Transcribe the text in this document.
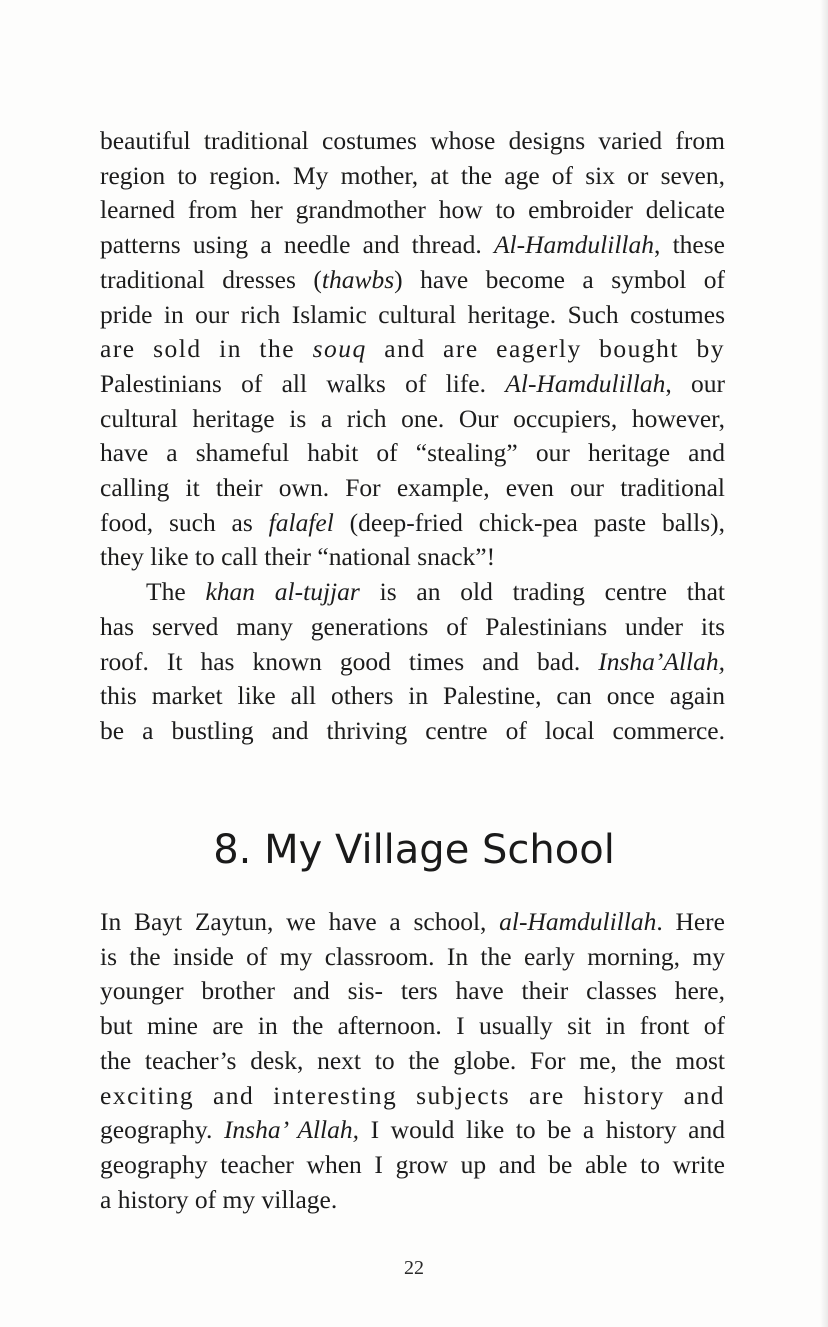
beautiful traditional costumes whose designs varied from
region to region. My mother, at the age of six or seven,
learned from her grandmother how to embroider delicate
patterns using a needle and thread. Al-Hamdulillah, these
traditional dresses (thawbs) have become a symbol of
pride in our rich Islamic cultural heritage. Such costumes
are sold in the souq and are eagerly bought by
Palestinians of all walks of life. Al-Hamdulillah, our
cultural heritage is a rich one. Our occupiers, however,
have a shameful habit of “stealing” our heritage and
calling it their own. For example, even our traditional
food, such as falafel (deep-fried chick-pea paste balls),
they like to call their “national snack”!

The khan al-tujjar is an old trading centre that
has served many generations of Palestinians under its
roof. It has known good times and bad. Insha’Allah,
this market like all others in Palestine, can once again
be a bustling and thriving centre of local commerce.

8. My Village School

In Bayt Zaytun, we have a school, al-Hamdulillah. Here
is the inside of my classroom. In the early morning, my
younger brother and sis- ters have their classes here,
but mine are in the afternoon. I usually sit in front of
the teacher’s desk, next to the globe. For me, the most
exciting and interesting subjects are history and
geography. Insha’ Allah, I would like to be a history and
geography teacher when I grow up and be able to write
a history of my village.

22
